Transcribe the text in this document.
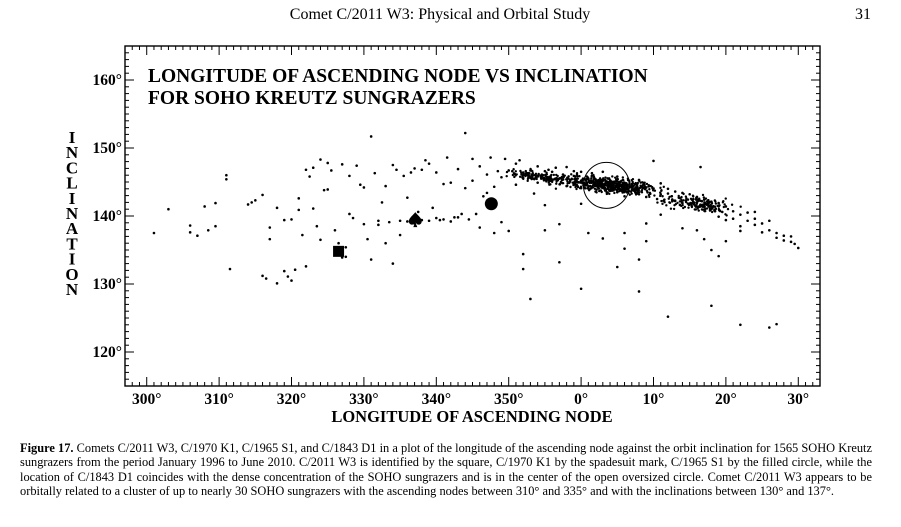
Comet C/2011 W3: Physical and Orbital Study	31
300°	310°	320°	330°	340°	350°	0°	10°	20°	30°
160°
150°
140°
130°
120°
LONGITUDE OF ASCENDING NODE VS INCLINATION
FOR SOHO KREUTZ SUNGRAZERS
LONGITUDE OF ASCENDING NODE
I
N
C
L
I
N
A
T
I
O
N
Figure 17. Comets C/2011 W3, C/1970 K1, C/1965 S1, and C/1843 D1 in a plot of the longitude of the ascending node against the orbit inclination for 1565 SOHO Kreutz sungrazers from the period January 1996 to June 2010. C/2011 W3 is identified by the square, C/1970 K1 by the spadesuit mark, C/1965 S1 by the filled circle, while the location of C/1843 D1 coincides with the dense concentration of the SOHO sungrazers and is in the center of the open oversized circle. Comet C/2011 W3 appears to be orbitally related to a cluster of up to nearly 30 SOHO sungrazers with the ascending nodes between 310° and 335° and with the inclinations between 130° and 137°.
